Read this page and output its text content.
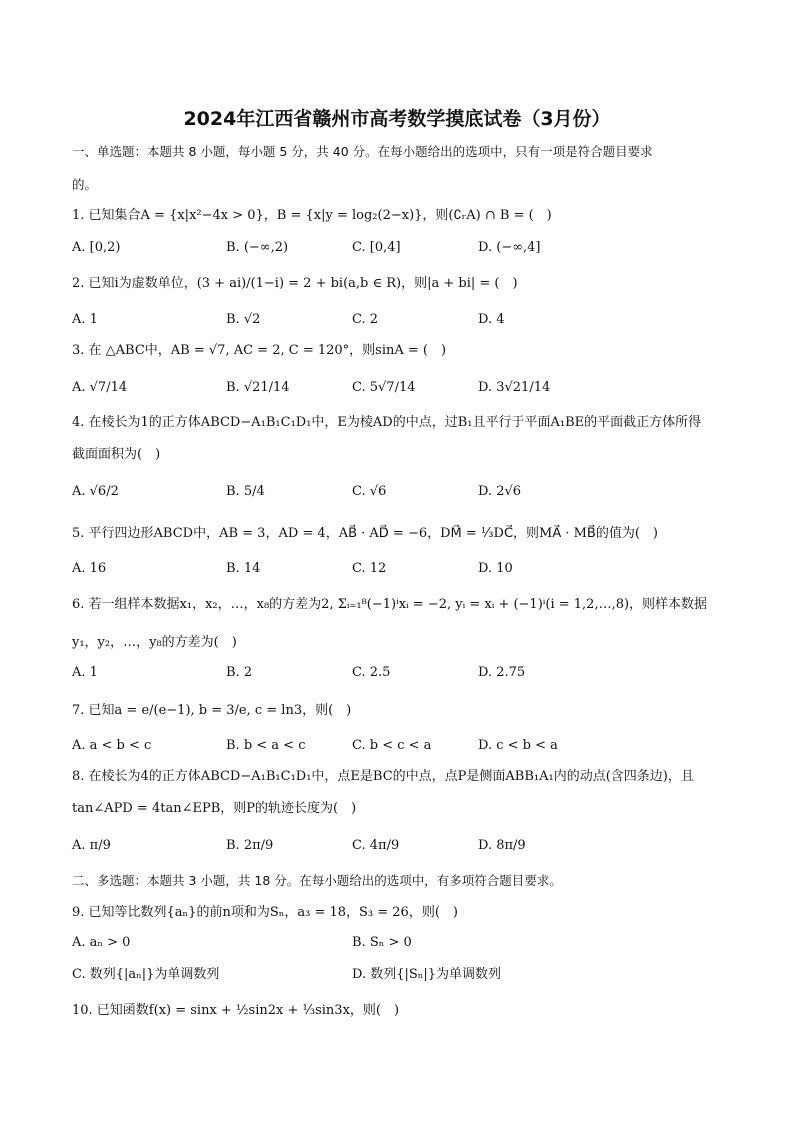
2024年江西省赣州市高考数学摸底试卷（3月份）
一、单选题：本题共 8 小题，每小题 5 分，共 40 分。在每小题给出的选项中，只有一项是符合题目要求
的。
1. 已知集合A = {x|x²−4x > 0}，B = {x|y = log₂(2−x)}，则(∁ᵣA) ∩ B = (　)
A. [0,2)	B. (−∞,2)	C. [0,4]	D. (−∞,4]
2. 已知i为虚数单位，(3 + ai)/(1−i) = 2 + bi(a,b ∈ R)，则|a + bi| = (　)
A. 1	B. √2	C. 2	D. 4
3. 在 △ABC中，AB = √7, AC = 2, C = 120°，则sinA = (　)
A. √7/14	B. √21/14	C. 5√7/14	D. 3√21/14
4. 在棱长为1的正方体ABCD−A₁B₁C₁D₁中，E为棱AD的中点，过B₁且平行于平面A₁BE的平面截正方体所得
截面面积为(　)
A. √6/2	B. 5/4	C. √6	D. 2√6
5. 平行四边形ABCD中，AB = 3，AD = 4，AB⃗ · AD⃗ = −6，DM⃗ = ⅓DC⃗，则MA⃗ · MB⃗的值为(　)
A. 16	B. 14	C. 12	D. 10
6. 若一组样本数据x₁，x₂，…，x₈的方差为2, Σᵢ₌₁⁸(−1)ⁱxᵢ = −2, yᵢ = xᵢ + (−1)ⁱ(i = 1,2,…,8)，则样本数据
y₁，y₂，…，y₈的方差为(　)
A. 1	B. 2	C. 2.5	D. 2.75
7. 已知a = e/(e−1), b = 3/e, c = ln3，则(　)
A. a < b < c	B. b < a < c	C. b < c < a	D. c < b < a
8. 在棱长为4的正方体ABCD−A₁B₁C₁D₁中，点E是BC的中点，点P是侧面ABB₁A₁内的动点(含四条边)，且
tan∠APD = 4tan∠EPB，则P的轨迹长度为(　)
A. π/9	B. 2π/9	C. 4π/9	D. 8π/9
二、多选题：本题共 3 小题，共 18 分。在每小题给出的选项中，有多项符合题目要求。
9. 已知等比数列{aₙ}的前n项和为Sₙ，a₃ = 18，S₃ = 26，则(　)
A. aₙ > 0	B. Sₙ > 0
C. 数列{|aₙ|}为单调数列	D. 数列{|Sₙ|}为单调数列
10. 已知函数f(x) = sinx + ½sin2x + ⅓sin3x，则(　)
